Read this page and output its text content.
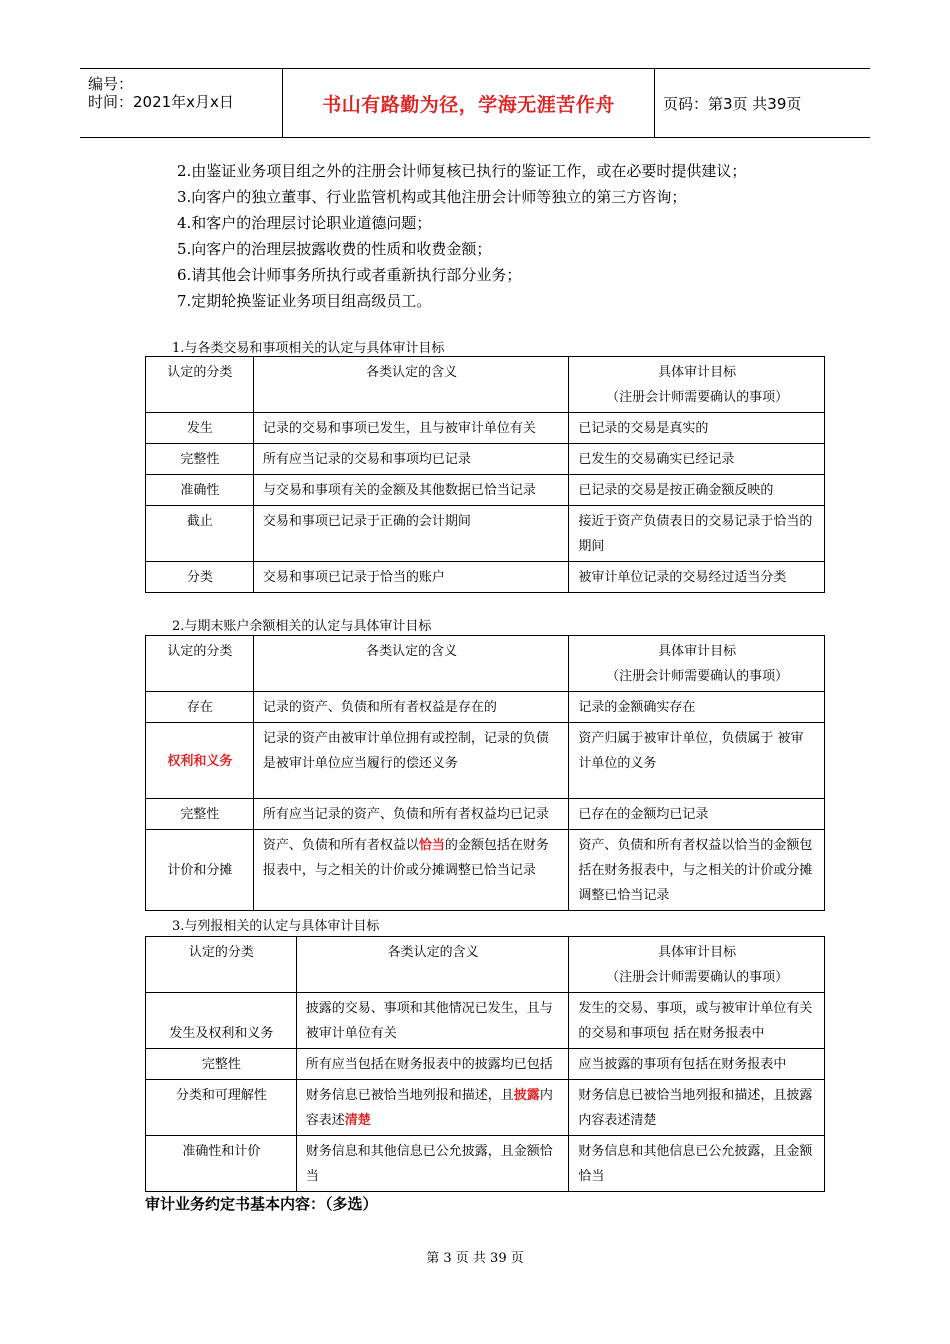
编号：
时间：2021年x月x日	书山有路勤为径，学海无涯苦作舟	页码：第3页 共39页
2.由鉴证业务项目组之外的注册会计师复核已执行的鉴证工作，或在必要时提供建议；
3.向客户的独立董事、行业监管机构或其他注册会计师等独立的第三方咨询；
4.和客户的治理层讨论职业道德问题；
5.向客户的治理层披露收费的性质和收费金额；
6.请其他会计师事务所执行或者重新执行部分业务；
7.定期轮换鉴证业务项目组高级员工。
1.与各类交易和事项相关的认定与具体审计目标
认定的分类	各类认定的含义	具体审计目标
（注册会计师需要确认的事项）

发生	记录的交易和事项已发生，且与被审计单位有关	已记录的交易是真实的
完整性	所有应当记录的交易和事项均已记录	已发生的交易确实已经记录
准确性	与交易和事项有关的金额及其他数据已恰当记录	已记录的交易是按正确金额反映的
截止	交易和事项已记录于正确的会计期间	接近于资产负债表日的交易记录于恰当的期间
分类	交易和事项已记录于恰当的账户	被审计单位记录的交易经过适当分类
2.与期末账户余额相关的认定与具体审计目标
认定的分类	各类认定的含义	具体审计目标
（注册会计师需要确认的事项）

存在	记录的资产、负债和所有者权益是存在的	记录的金额确实存在
权利和义务	记录的资产由被审计单位拥有或控制，记录的负债是被审计单位应当履行的偿还义务	资产归属于被审计单位，负债属于 被审计单位的义务
完整性	所有应当记录的资产、负债和所有者权益均已记录	已存在的金额均已记录
计价和分摊	资产、负债和所有者权益以恰当的金额包括在财务报表中，与之相关的计价或分摊调整已恰当记录	资产、负债和所有者权益以恰当的金额包括在财务报表中，与之相关的计价或分摊调整已恰当记录
3.与列报相关的认定与具体审计目标
认定的分类	各类认定的含义	具体审计目标
（注册会计师需要确认的事项）

发生及权利和义务	披露的交易、事项和其他情况已发生，且与被审计单位有关	发生的交易、事项，或与被审计单位有关的交易和事项包 括在财务报表中
完整性	所有应当包括在财务报表中的披露均已包括	应当披露的事项有包括在财务报表中
分类和可理解性	财务信息已被恰当地列报和描述，且披露内容表述清楚	财务信息已被恰当地列报和描述，且披露内容表述清楚
准确性和计价	财务信息和其他信息已公允披露，且金额恰当	财务信息和其他信息已公允披露，且金额恰当
审计业务约定书基本内容：（多选）
第 3 页 共 39 页
